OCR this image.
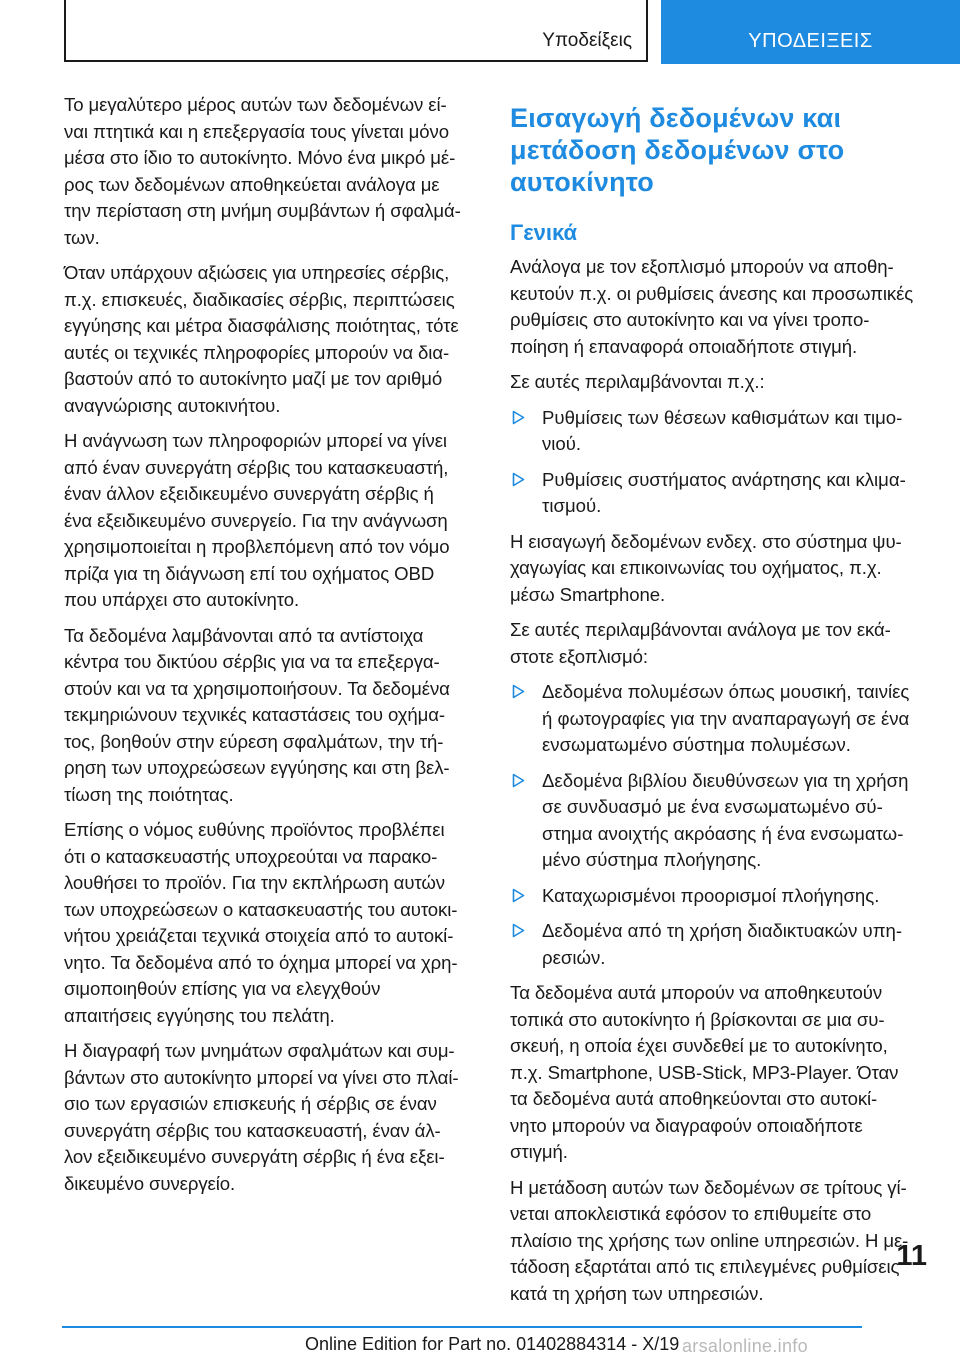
Υποδείξεις	ΥΠΟΔΕΙΞΕΙΣ
Το μεγαλύτερο μέρος αυτών των δεδομένων εί‐
ναι πτητικά και η επεξεργασία τους γίνεται μόνο
μέσα στο ίδιο το αυτοκίνητο. Μόνο ένα μικρό μέ‐
ρος των δεδομένων αποθηκεύεται ανάλογα με
την περίσταση στη μνήμη συμβάντων ή σφαλμά‐
των.
Όταν υπάρχουν αξιώσεις για υπηρεσίες σέρβις,
π.χ. επισκευές, διαδικασίες σέρβις, περιπτώσεις
εγγύησης και μέτρα διασφάλισης ποιότητας, τότε
αυτές οι τεχνικές πληροφορίες μπορούν να δια‐
βαστούν από το αυτοκίνητο μαζί με τον αριθμό
αναγνώρισης αυτοκινήτου.
Η ανάγνωση των πληροφοριών μπορεί να γίνει
από έναν συνεργάτη σέρβις του κατασκευαστή,
έναν άλλον εξειδικευμένο συνεργάτη σέρβις ή
ένα εξειδικευμένο συνεργείο. Για την ανάγνωση
χρησιμοποιείται η προβλεπόμενη από τον νόμο
πρίζα για τη διάγνωση επί του οχήματος OBD
που υπάρχει στο αυτοκίνητο.
Τα δεδομένα λαμβάνονται από τα αντίστοιχα
κέντρα του δικτύου σέρβις για να τα επεξεργα‐
στούν και να τα χρησιμοποιήσουν. Τα δεδομένα
τεκμηριώνουν τεχνικές καταστάσεις του οχήμα‐
τος, βοηθούν στην εύρεση σφαλμάτων, την τή‐
ρηση των υποχρεώσεων εγγύησης και στη βελ‐
τίωση της ποιότητας.
Επίσης ο νόμος ευθύνης προϊόντος προβλέπει
ότι ο κατασκευαστής υποχρεούται να παρακο‐
λουθήσει το προϊόν. Για την εκπλήρωση αυτών
των υποχρεώσεων ο κατασκευαστής του αυτοκι‐
νήτου χρειάζεται τεχνικά στοιχεία από το αυτοκί‐
νητο. Τα δεδομένα από το όχημα μπορεί να χρη‐
σιμοποιηθούν επίσης για να ελεγχθούν
απαιτήσεις εγγύησης του πελάτη.
Η διαγραφή των μνημάτων σφαλμάτων και συμ‐
βάντων στο αυτοκίνητο μπορεί να γίνει στο πλαί‐
σιο των εργασιών επισκευής ή σέρβις σε έναν
συνεργάτη σέρβις του κατασκευαστή, έναν άλ‐
λον εξειδικευμένο συνεργάτη σέρβις ή ένα εξει‐
δικευμένο συνεργείο.
Εισαγωγή δεδομένων και
μετάδοση δεδομένων στο
αυτοκίνητο
Γενικά
Ανάλογα με τον εξοπλισμό μπορούν να αποθη‐
κευτούν π.χ. οι ρυθμίσεις άνεσης και προσωπικές
ρυθμίσεις στο αυτοκίνητο και να γίνει τροπο‐
ποίηση ή επαναφορά οποιαδήποτε στιγμή.
Σε αυτές περιλαμβάνονται π.χ.:
Ρυθμίσεις των θέσεων καθισμάτων και τιμο‐
νιού.
Ρυθμίσεις συστήματος ανάρτησης και κλιμα‐
τισμού.
Η εισαγωγή δεδομένων ενδεχ. στο σύστημα ψυ‐
χαγωγίας και επικοινωνίας του οχήματος, π.χ.
μέσω Smartphone.
Σε αυτές περιλαμβάνονται ανάλογα με τον εκά‐
στοτε εξοπλισμό:
Δεδομένα πολυμέσων όπως μουσική, ταινίες
ή φωτογραφίες για την αναπαραγωγή σε ένα
ενσωματωμένο σύστημα πολυμέσων.
Δεδομένα βιβλίου διευθύνσεων για τη χρήση
σε συνδυασμό με ένα ενσωματωμένο σύ‐
στημα ανοιχτής ακρόασης ή ένα ενσωματω‐
μένο σύστημα πλοήγησης.
Καταχωρισμένοι προορισμοί πλοήγησης.
Δεδομένα από τη χρήση διαδικτυακών υπη‐
ρεσιών.
Τα δεδομένα αυτά μπορούν να αποθηκευτούν
τοπικά στο αυτοκίνητο ή βρίσκονται σε μια συ‐
σκευή, η οποία έχει συνδεθεί με το αυτοκίνητο,
π.χ. Smartphone, USB-Stick, MP3-Player. Όταν
τα δεδομένα αυτά αποθηκεύονται στο αυτοκί‐
νητο μπορούν να διαγραφούν οποιαδήποτε
στιγμή.
Η μετάδοση αυτών των δεδομένων σε τρίτους γί‐
νεται αποκλειστικά εφόσον το επιθυμείτε στο
πλαίσιο της χρήσης των online υπηρεσιών. Η με‐
τάδοση εξαρτάται από τις επιλεγμένες ρυθμίσεις
κατά τη χρήση των υπηρεσιών.
11
Online Edition for Part no. 01402884314 - X/19 arsalonline.info
